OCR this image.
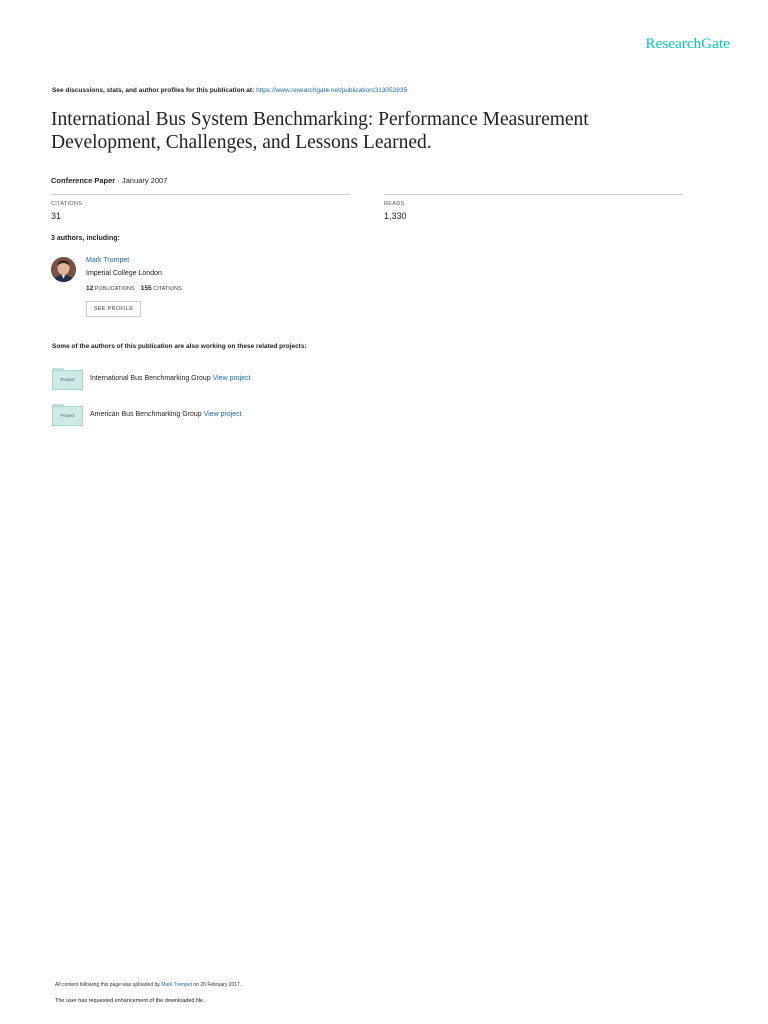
ResearchGate
See discussions, stats, and author profiles for this publication at: https://www.researchgate.net/publication/313052835
International Bus System Benchmarking: Performance Measurement
Development, Challenges, and Lessons Learned.
Conference Paper · January 2007
CITATIONS
31
READS
1,330
3 authors, including:
Mark Trompet
Imperial College London
12 PUBLICATIONS 155 CITATIONS
SEE PROFILE
Some of the authors of this publication are also working on these related projects:
Project	International Bus Benchmarking Group View project
Project	American Bus Benchmarking Group View project
All content following this page was uploaded by Mark Trompet on 20 February 2017.
The user has requested enhancement of the downloaded file.
